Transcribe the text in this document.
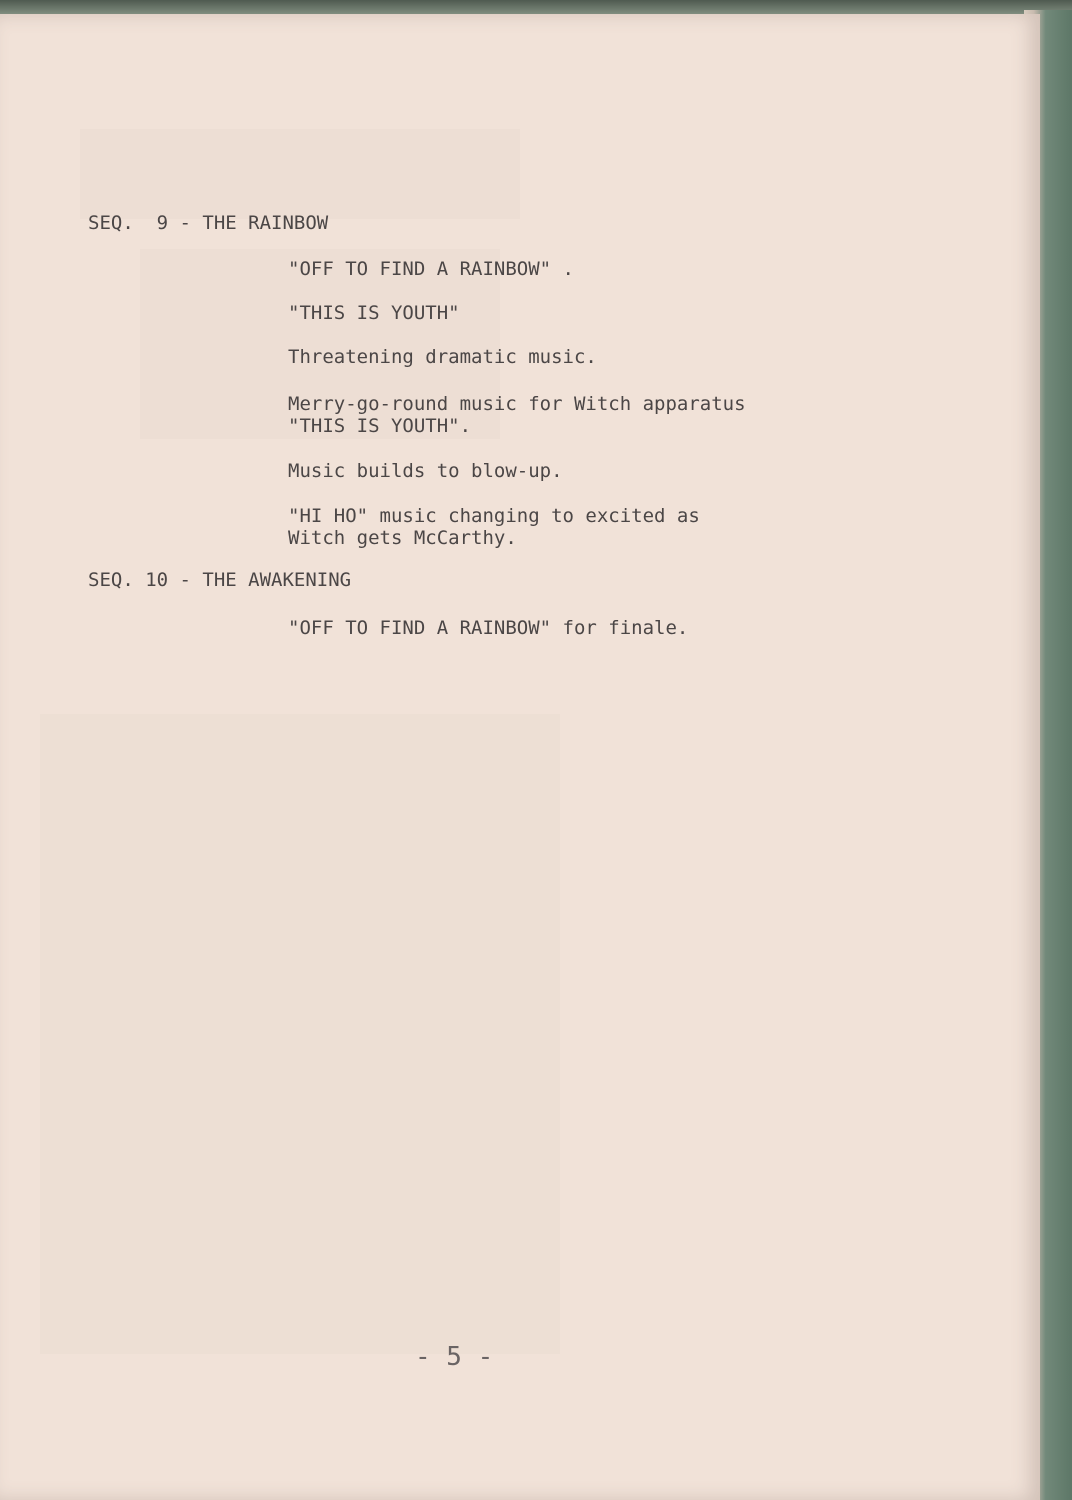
SEQ.  9 - THE RAINBOW
"OFF TO FIND A RAINBOW" .
"THIS IS YOUTH"
Threatening dramatic music.
Merry-go-round music for Witch apparatus
"THIS IS YOUTH".
Music builds to blow-up.
"HI HO" music changing to excited as
Witch gets McCarthy.
SEQ. 10 - THE AWAKENING
"OFF TO FIND A RAINBOW" for finale.
- 5 -
